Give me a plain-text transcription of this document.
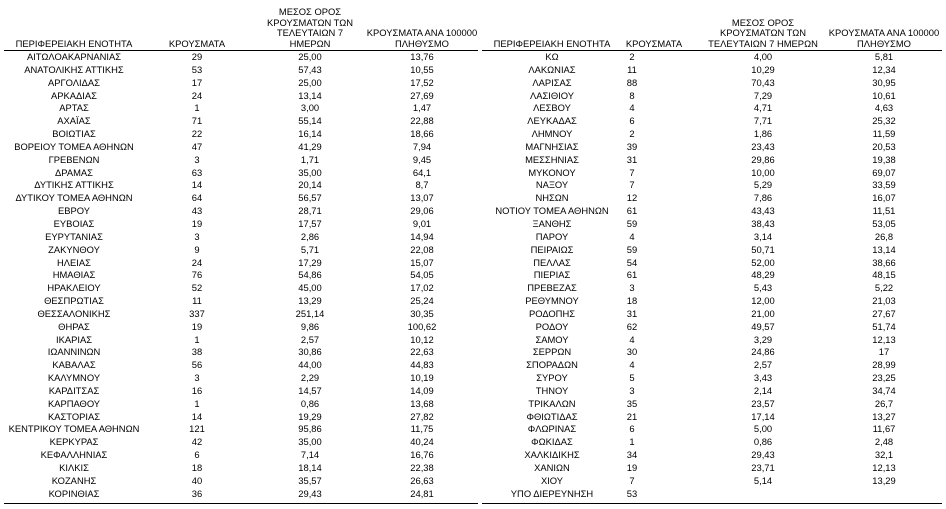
ΠΕΡΙΦΕΡΕΙΑΚΗ ΕΝΟΤΗΤΑ	ΚΡΟΥΣΜΑΤΑ
ΜΕΣΟΣ ΟΡΟΣ
ΚΡΟΥΣΜΑΤΩΝ ΤΩΝ
ΤΕΛΕΥΤΑΙΩΝ 7 ΗΜΕΡΩΝ
ΚΡΟΥΣΜΑΤΑ ΑΝΑ 100000
ΠΛΗΘΥΣΜΟ
ΑΙΤΩΛΟΑΚΑΡΝΑΝΙΑΣ	29	25,00	13,76
ΑΝΑΤΟΛΙΚΗΣ ΑΤΤΙΚΗΣ	53	57,43	10,55
ΑΡΓΟΛΙΔΑΣ	17	25,00	17,52
ΑΡΚΑΔΙΑΣ	24	13,14	27,69
ΑΡΤΑΣ	1	3,00	1,47
ΑΧΑΪΑΣ	71	55,14	22,88
ΒΟΙΩΤΙΑΣ	22	16,14	18,66
ΒΟΡΕΙΟΥ ΤΟΜΕΑ ΑΘΗΝΩΝ	47	41,29	7,94
ΓΡΕΒΕΝΩΝ	3	1,71	9,45
ΔΡΑΜΑΣ	63	35,00	64,1
ΔΥΤΙΚΗΣ ΑΤΤΙΚΗΣ	14	20,14	8,7
ΔΥΤΙΚΟΥ ΤΟΜΕΑ ΑΘΗΝΩΝ	64	56,57	13,07
ΕΒΡΟΥ	43	28,71	29,06
ΕΥΒΟΙΑΣ	19	17,57	9,01
ΕΥΡΥΤΑΝΙΑΣ	3	2,86	14,94
ΖΑΚΥΝΘΟΥ	9	5,71	22,08
ΗΛΕΙΑΣ	24	17,29	15,07
ΗΜΑΘΙΑΣ	76	54,86	54,05
ΗΡΑΚΛΕΙΟΥ	52	45,00	17,02
ΘΕΣΠΡΩΤΙΑΣ	11	13,29	25,24
ΘΕΣΣΑΛΟΝΙΚΗΣ	337	251,14	30,35
ΘΗΡΑΣ	19	9,86	100,62
ΙΚΑΡΙΑΣ	1	2,57	10,12
ΙΩΑΝΝΙΝΩΝ	38	30,86	22,63
ΚΑΒΑΛΑΣ	56	44,00	44,83
ΚΑΛΥΜΝΟΥ	3	2,29	10,19
ΚΑΡΔΙΤΣΑΣ	16	14,57	14,09
ΚΑΡΠΑΘΟΥ	1	0,86	13,68
ΚΑΣΤΟΡΙΑΣ	14	19,29	27,82
ΚΕΝΤΡΙΚΟΥ ΤΟΜΕΑ ΑΘΗΝΩΝ	121	95,86	11,75
ΚΕΡΚΥΡΑΣ	42	35,00	40,24
ΚΕΦΑΛΛΗΝΙΑΣ	6	7,14	16,76
ΚΙΛΚΙΣ	18	18,14	22,38
ΚΟΖΑΝΗΣ	40	35,57	26,63
ΚΟΡΙΝΘΙΑΣ	36	29,43	24,81
ΠΕΡΙΦΕΡΕΙΑΚΗ ΕΝΟΤΗΤΑ	ΚΡΟΥΣΜΑΤΑ
ΜΕΣΟΣ ΟΡΟΣ
ΚΡΟΥΣΜΑΤΩΝ ΤΩΝ
ΤΕΛΕΥΤΑΙΩΝ 7 ΗΜΕΡΩΝ
ΚΡΟΥΣΜΑΤΑ ΑΝΑ 100000
ΠΛΗΘΥΣΜΟ
ΚΩ	2	4,00	5,81
ΛΑΚΩΝΙΑΣ	11	10,29	12,34
ΛΑΡΙΣΑΣ	88	70,43	30,95
ΛΑΣΙΘΙΟΥ	8	7,29	10,61
ΛΕΣΒΟΥ	4	4,71	4,63
ΛΕΥΚΑΔΑΣ	6	7,71	25,32
ΛΗΜΝΟΥ	2	1,86	11,59
ΜΑΓΝΗΣΙΑΣ	39	23,43	20,53
ΜΕΣΣΗΝΙΑΣ	31	29,86	19,38
ΜΥΚΟΝΟΥ	7	10,00	69,07
ΝΑΞΟΥ	7	5,29	33,59
ΝΗΣΩΝ	12	7,86	16,07
ΝΟΤΙΟΥ ΤΟΜΕΑ ΑΘΗΝΩΝ	61	43,43	11,51
ΞΑΝΘΗΣ	59	38,43	53,05
ΠΑΡΟΥ	4	3,14	26,8
ΠΕΙΡΑΙΩΣ	59	50,71	13,14
ΠΕΛΛΑΣ	54	52,00	38,66
ΠΙΕΡΙΑΣ	61	48,29	48,15
ΠΡΕΒΕΖΑΣ	3	5,43	5,22
ΡΕΘΥΜΝΟΥ	18	12,00	21,03
ΡΟΔΟΠΗΣ	31	21,00	27,67
ΡΟΔΟΥ	62	49,57	51,74
ΣΑΜΟΥ	4	3,29	12,13
ΣΕΡΡΩΝ	30	24,86	17
ΣΠΟΡΑΔΩΝ	4	2,57	28,99
ΣΥΡΟΥ	5	3,43	23,25
ΤΗΝΟΥ	3	2,14	34,74
ΤΡΙΚΑΛΩΝ	35	23,57	26,7
ΦΘΙΩΤΙΔΑΣ	21	17,14	13,27
ΦΛΩΡΙΝΑΣ	6	5,00	11,67
ΦΩΚΙΔΑΣ	1	0,86	2,48
ΧΑΛΚΙΔΙΚΗΣ	34	29,43	32,1
ΧΑΝΙΩΝ	19	23,71	12,13
ΧΙΟΥ	7	5,14	13,29
ΥΠΟ ΔΙΕΡΕΥΝΗΣΗ	53
